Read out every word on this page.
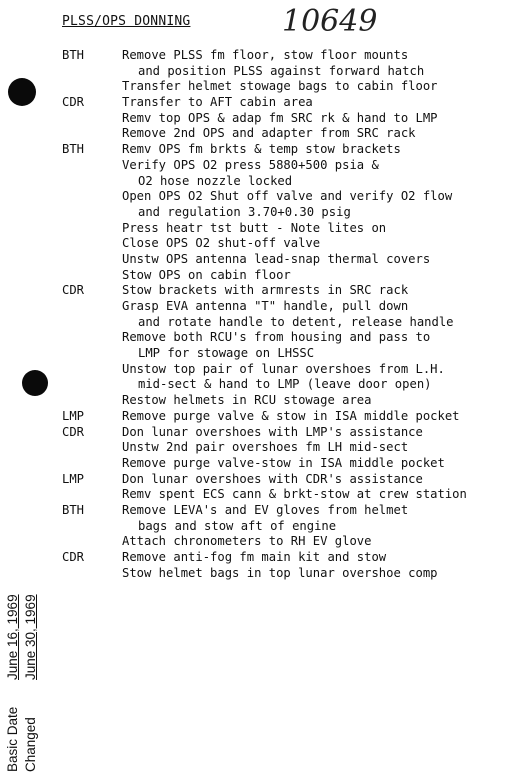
PLSS/OPS DONNING	10649
Basic DateJune 16, 1969
ChangedJune 30, 1969
BTH	Remove PLSS fm floor, stow floor mounts
and position PLSS against forward hatch
Transfer helmet stowage bags to cabin floor
CDR	Transfer to AFT cabin area
Remv top OPS & adap fm SRC rk & hand to LMP
Remove 2nd OPS and adapter from SRC rack
BTH	Remv OPS fm brkts & temp stow brackets
Verify OPS O2 press 5880+500 psia &
O2 hose nozzle locked
Open OPS O2 Shut off valve and verify O2 flow
and regulation 3.70+0.30 psig
Press heatr tst butt - Note lites on
Close OPS O2 shut-off valve
Unstw OPS antenna lead-snap thermal covers
Stow OPS on cabin floor
CDR	Stow brackets with armrests in SRC rack
Grasp EVA antenna "T" handle, pull down
and rotate handle to detent, release handle
Remove both RCU's from housing and pass to
LMP for stowage on LHSSC
Unstow top pair of lunar overshoes from L.H.
mid-sect & hand to LMP (leave door open)
Restow helmets in RCU stowage area
LMP	Remove purge valve & stow in ISA middle pocket
CDR	Don lunar overshoes with LMP's assistance
Unstw 2nd pair overshoes fm LH mid-sect
Remove purge valve-stow in ISA middle pocket
LMP	Don lunar overshoes with CDR's assistance
Remv spent ECS cann & brkt-stow at crew station
BTH	Remove LEVA's and EV gloves from helmet
bags and stow aft of engine
Attach chronometers to RH EV glove
CDR	Remove anti-fog fm main kit and stow
Stow helmet bags in top lunar overshoe comp
